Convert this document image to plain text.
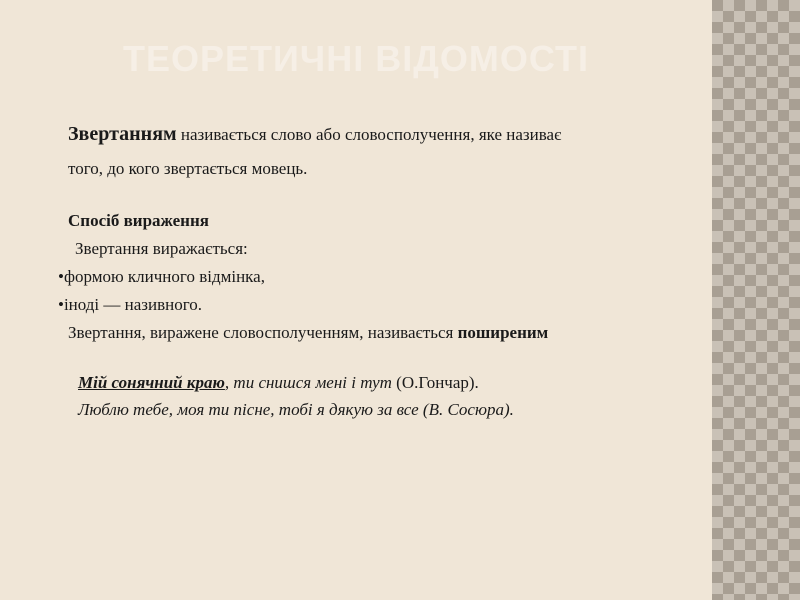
ТЕОРЕТИЧНІ ВІДОМОСТІ
Звертанням називається слово або словосполучення, яке називає
того, до кого звертається мовець.
Спосіб вираження
Звертання виражається:
•формою кличного відмінка,
•іноді — називного.
Звертання, виражене словосполученням, називається поширеним
Мій сонячний краю, ти снишся мені і тут (О.Гончар).
Люблю тебе, моя ти пісне, тобі я дякую за все (В. Сосюра).
